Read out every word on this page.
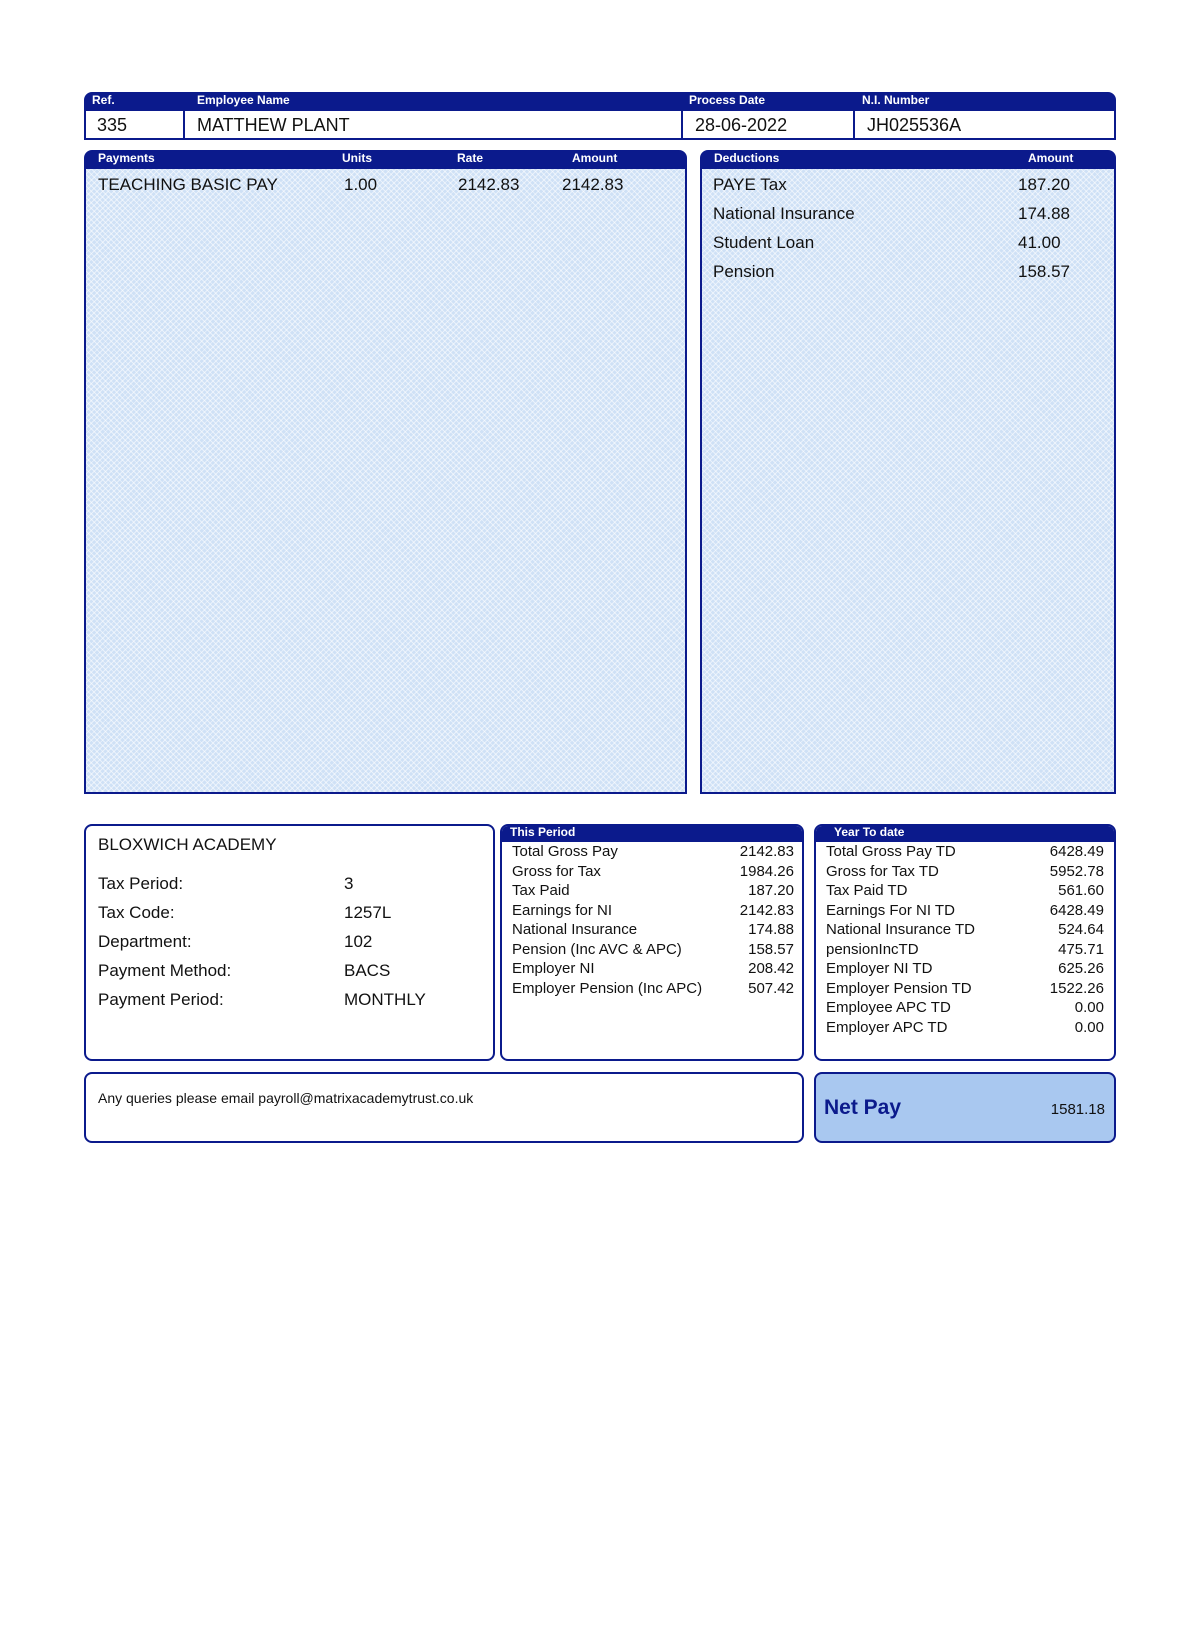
Ref.	Employee Name	Process Date	N.I. Number
335	MATTHEW PLANT	28-06-2022	JH025536A
Payments	Units	Rate	Amount
TEACHING BASIC PAY	1.00	2142.83	2142.83
Deductions	Amount
PAYE Tax	187.20
National Insurance	174.88
Student Loan	41.00
Pension	158.57
BLOXWICH ACADEMY
Tax Period:	3
Tax Code:	1257L
Department:	102
Payment Method:	BACS
Payment Period:	MONTHLY
This Period
Total Gross Pay	2142.83
Gross for Tax	1984.26
Tax Paid	187.20
Earnings for NI	2142.83
National Insurance	174.88
Pension (Inc AVC & APC)	158.57
Employer NI	208.42
Employer Pension (Inc APC)	507.42
Year To date
Total Gross Pay TD	6428.49
Gross for Tax TD	5952.78
Tax Paid TD	561.60
Earnings For NI TD	6428.49
National Insurance TD	524.64
pensionIncTD	475.71
Employer NI TD	625.26
Employer Pension TD	1522.26
Employee APC TD	0.00
Employer APC TD	0.00
Any queries please email payroll@matrixacademytrust.co.uk	Net Pay	1581.18
